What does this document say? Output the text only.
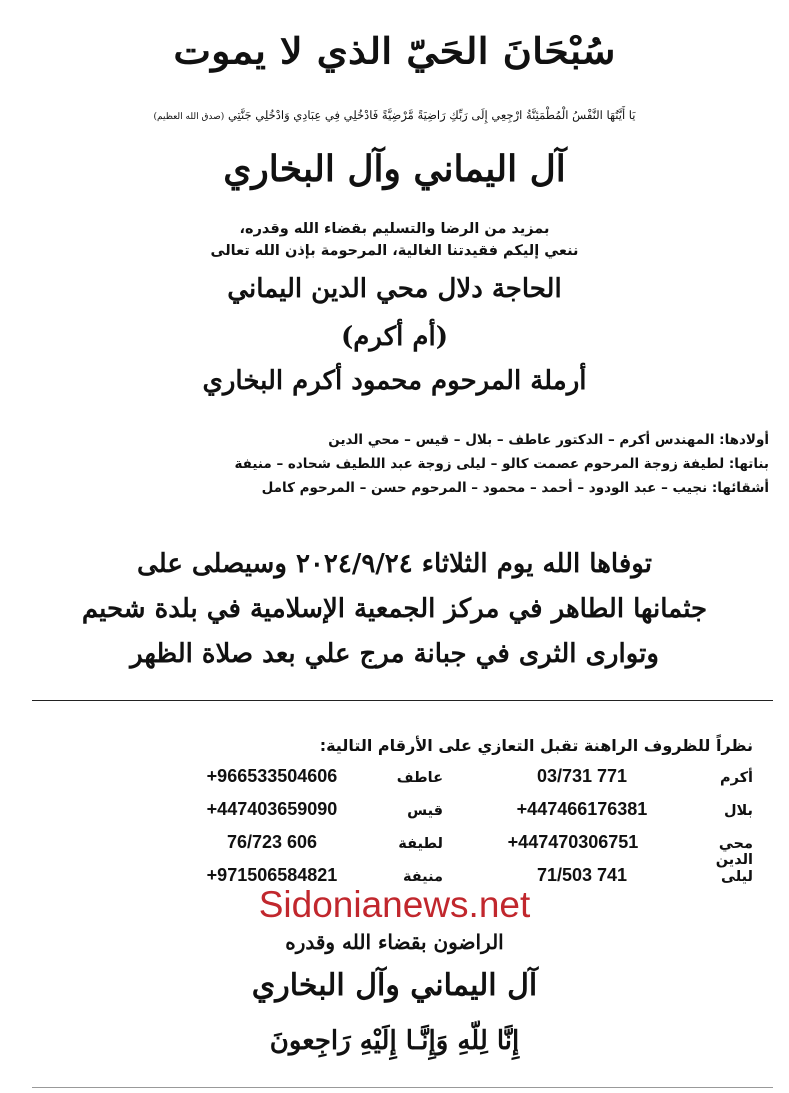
سُبْحَانَ الحَيّ الذي لا يموت
يَا أَيَّتُهَا النَّفْسُ الْمُطْمَئِنَّةُ ارْجِعِي إِلَى رَبِّكِ رَاضِيَةً مَّرْضِيَّةً فَادْخُلِي فِي عِبَادِي وَادْخُلِي جَنَّتِي (صدق الله العظيم)
آل اليماني وآل البخاري
بمزيد من الرضا والتسليم بقضاء الله وقدره،
ننعي إليكم فقيدتنا الغالية، المرحومة بإذن الله تعالى
الحاجة دلال محي الدين اليماني
(أم أكرم)
أرملة المرحوم محمود أكرم البخاري
أولادها: المهندس أكرم – الدكتور عاطف – بلال – قيس – محي الدين
بناتها: لطيفة زوجة المرحوم عصمت كالو – ليلى زوجة عبد اللطيف شحاده – منيفة
أشقائها: نجيب – عبد الودود – أحمد – محمود – المرحوم حسن – المرحوم كامل
توفاها الله يوم الثلاثاء ٢٠٢٤/٩/٢٤ وسيصلى على
جثمانها الطاهر في مركز الجمعية الإسلامية في بلدة شحيم
وتوارى الثرى في جبانة مرج علي بعد صلاة الظهر
نظراً للظروف الراهنة تقبل التعازي على الأرقام التالية:
أكرم
03/731 771
عاطف
+966533504606
بلال
+447466176381
قيس
+447403659090
محي الدين
+447470306751
لطيفة
76/723 606
ليلى
71/503 741
منيفة
+971506584821
Sidonianews.net
الراضون بقضاء الله وقدره
آل اليماني وآل البخاري
إِنَّا لِلّهِ وَإِنَّـا إِلَيْهِ رَاجِعونَ
